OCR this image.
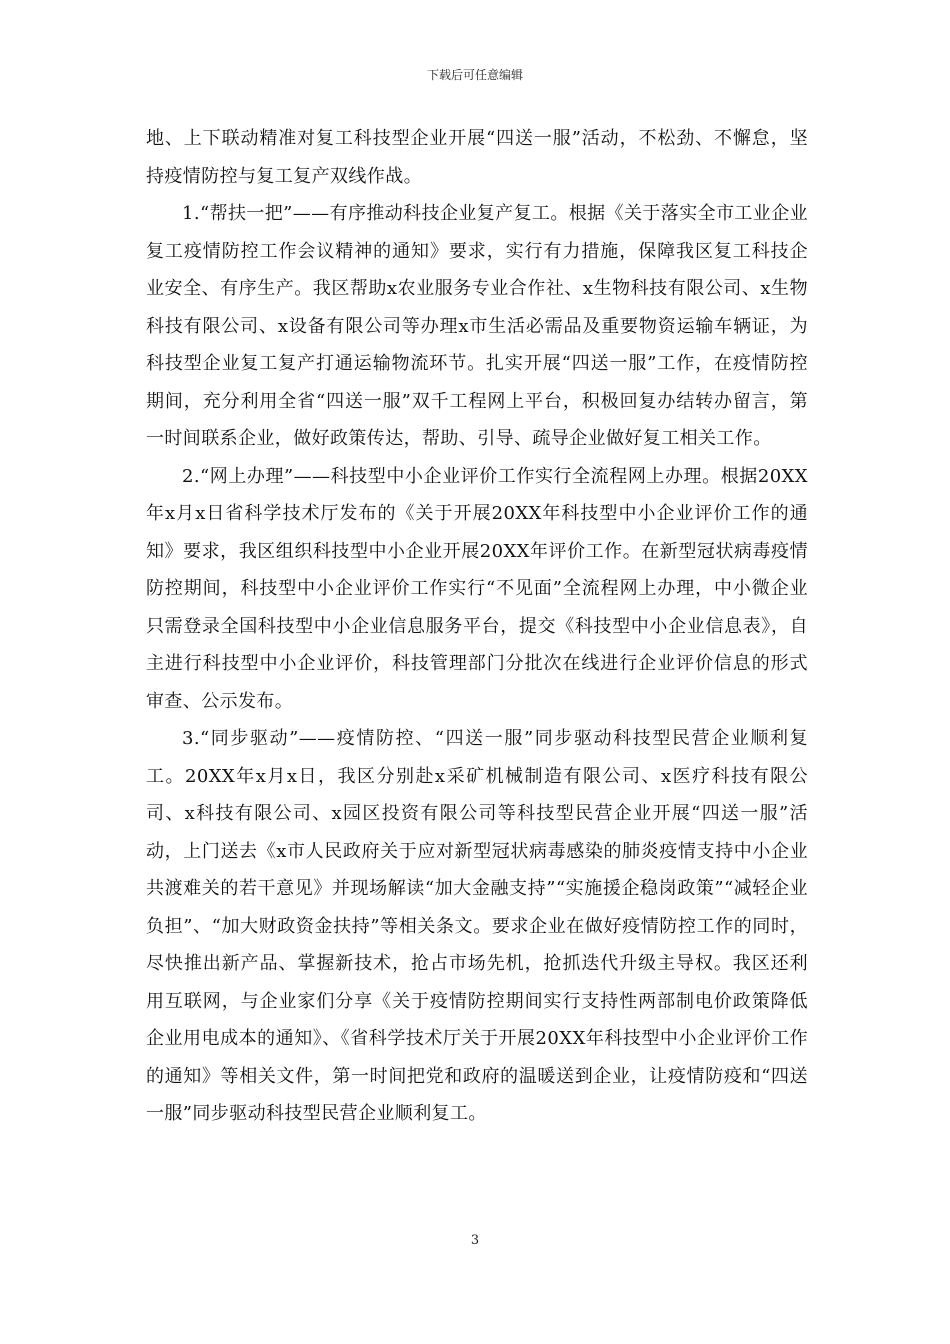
下载后可任意编辑

地、上下联动精准对复工科技型企业开展“四送一服”活动，不松劲、不懈怠，坚持疫情防控与复工复产双线作战。

1.“帮扶一把”——有序推动科技企业复产复工。根据《关于落实全市工业企业复工疫情防控工作会议精神的通知》要求，实行有力措施，保障我区复工科技企业安全、有序生产。我区帮助x农业服务专业合作社、x生物科技有限公司、x生物科技有限公司、x设备有限公司等办理x市生活必需品及重要物资运输车辆证，为科技型企业复工复产打通运输物流环节。扎实开展“四送一服”工作，在疫情防控期间，充分利用全省“四送一服”双千工程网上平台，积极回复办结转办留言，第一时间联系企业，做好政策传达，帮助、引导、疏导企业做好复工相关工作。

2.“网上办理”——科技型中小企业评价工作实行全流程网上办理。根据20XX年x月x日省科学技术厅发布的《关于开展20XX年科技型中小企业评价工作的通知》要求，我区组织科技型中小企业开展20XX年评价工作。在新型冠状病毒疫情防控期间，科技型中小企业评价工作实行“不见面”全流程网上办理，中小微企业只需登录全国科技型中小企业信息服务平台，提交《科技型中小企业信息表》，自主进行科技型中小企业评价，科技管理部门分批次在线进行企业评价信息的形式审查、公示发布。

3.“同步驱动”——疫情防控、“四送一服”同步驱动科技型民营企业顺利复工。20XX年x月x日，我区分别赴x采矿机械制造有限公司、x医疗科技有限公司、x科技有限公司、x园区投资有限公司等科技型民营企业开展“四送一服”活动，上门送去《x市人民政府关于应对新型冠状病毒感染的肺炎疫情支持中小企业共渡难关的若干意见》并现场解读“加大金融支持”“实施援企稳岗政策”“减轻企业负担”、“加大财政资金扶持”等相关条文。要求企业在做好疫情防控工作的同时，尽快推出新产品、掌握新技术，抢占市场先机，抢抓迭代升级主导权。我区还利用互联网，与企业家们分享《关于疫情防控期间实行支持性两部制电价政策降低企业用电成本的通知》、《省科学技术厅关于开展20XX年科技型中小企业评价工作的通知》等相关文件，第一时间把党和政府的温暖送到企业，让疫情防疫和“四送一服”同步驱动科技型民营企业顺利复工。

3
